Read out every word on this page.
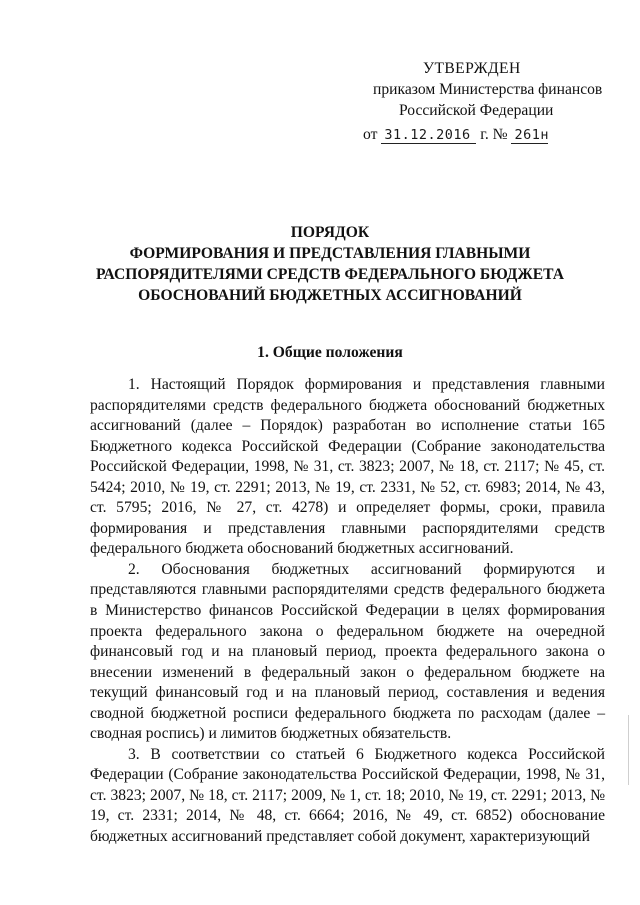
УТВЕРЖДЕН
приказом Министерства финансов
Российской Федерации
от 31.12.2016 г. № 261н
ПОРЯДОК
ФОРМИРОВАНИЯ И ПРЕДСТАВЛЕНИЯ ГЛАВНЫМИ
РАСПОРЯДИТЕЛЯМИ СРЕДСТВ ФЕДЕРАЛЬНОГО БЮДЖЕТА
ОБОСНОВАНИЙ БЮДЖЕТНЫХ АССИГНОВАНИЙ
1. Общие положения

1. Настоящий Порядок формирования и представления главными распорядителями средств федерального бюджета обоснований бюджетных ассигнований (далее – Порядок) разработан во исполнение статьи 165 Бюджетного кодекса Российской Федерации (Собрание законодательства Российской Федерации, 1998, № 31, ст. 3823; 2007, № 18, ст. 2117; № 45, ст. 5424; 2010, № 19, ст. 2291; 2013, № 19, ст. 2331, № 52, ст. 6983; 2014, № 43, ст. 5795; 2016, № 27, ст. 4278) и определяет формы, сроки, правила формирования и представления главными распорядителями средств федерального бюджета обоснований бюджетных ассигнований.

2. Обоснования бюджетных ассигнований формируются и представляются главными распорядителями средств федерального бюджета в Министерство финансов Российской Федерации в целях формирования проекта федерального закона о федеральном бюджете на очередной финансовый год и на плановый период, проекта федерального закона о внесении изменений в федеральный закон о федеральном бюджете на текущий финансовый год и на плановый период, составления и ведения сводной бюджетной росписи федерального бюджета по расходам (далее – сводная роспись) и лимитов бюджетных обязательств.

3. В соответствии со статьей 6 Бюджетного кодекса Российской Федерации (Собрание законодательства Российской Федерации, 1998, № 31, ст. 3823; 2007, № 18, ст. 2117; 2009, № 1, ст. 18; 2010, № 19, ст. 2291; 2013, № 19, ст. 2331; 2014, № 48, ст. 6664; 2016, № 49, ст. 6852) обоснование бюджетных ассигнований представляет собой документ, характеризующий
